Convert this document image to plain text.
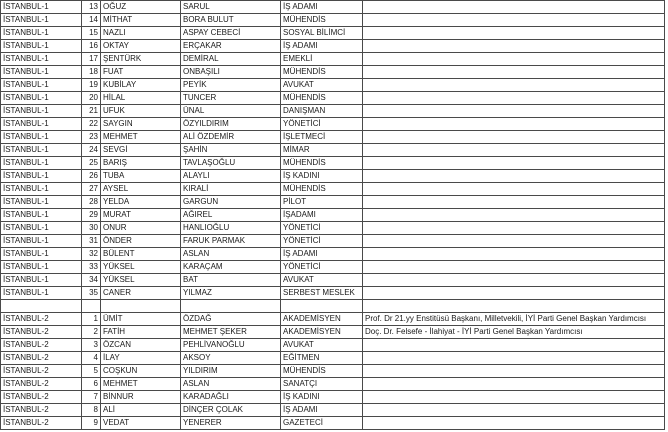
İSTANBUL-1	13	OĞUZ	SARUL	İŞ ADAMI	
İSTANBUL-1	14	MİTHAT	BORA BULUT	MÜHENDİS	
İSTANBUL-1	15	NAZLI	ASPAY CEBECİ	SOSYAL BİLİMCİ	
İSTANBUL-1	16	OKTAY	ERÇAKAR	İŞ ADAMI	
İSTANBUL-1	17	ŞENTÜRK	DEMİRAL	EMEKLİ	
İSTANBUL-1	18	FUAT	ONBAŞILI	MÜHENDİS	
İSTANBUL-1	19	KUBİLAY	PEYİK	AVUKAT	
İSTANBUL-1	20	HİLAL	TUNCER	MÜHENDİS	
İSTANBUL-1	21	UFUK	ÜNAL	DANIŞMAN	
İSTANBUL-1	22	SAYGIN	ÖZYILDIRIM	YÖNETİCİ	
İSTANBUL-1	23	MEHMET	ALİ ÖZDEMİR	İŞLETMECİ	
İSTANBUL-1	24	SEVGİ	ŞAHİN	MİMAR	
İSTANBUL-1	25	BARIŞ	TAVLAŞOĞLU	MÜHENDİS	
İSTANBUL-1	26	TUBA	ALAYLI	İŞ KADINI	
İSTANBUL-1	27	AYSEL	KIRALİ	MÜHENDİS	
İSTANBUL-1	28	YELDA	GARGUN	PİLOT	
İSTANBUL-1	29	MURAT	AĞIREL	İŞADAMI	
İSTANBUL-1	30	ONUR	HANLIOĞLU	YÖNETİCİ	
İSTANBUL-1	31	ÖNDER	FARUK PARMAK	YÖNETİCİ	
İSTANBUL-1	32	BÜLENT	ASLAN	İŞ ADAMI	
İSTANBUL-1	33	YÜKSEL	KARAÇAM	YÖNETİCİ	
İSTANBUL-1	34	YÜKSEL	BAT	AVUKAT	
İSTANBUL-1	35	CANER	YILMAZ	SERBEST MESLEK	

İSTANBUL-2	1	ÜMİT	ÖZDAĞ	AKADEMİSYEN	Prof. Dr 21.yy Enstitüsü Başkanı, Milletvekili, İYİ Parti Genel Başkan Yardımcısı
İSTANBUL-2	2	FATİH	MEHMET ŞEKER	AKADEMİSYEN	Doç. Dr. Felsefe - İlahiyat - İYİ Parti Genel Başkan Yardımcısı
İSTANBUL-2	3	ÖZCAN	PEHLİVANOĞLU	AVUKAT	
İSTANBUL-2	4	İLAY	AKSOY	EĞİTMEN	
İSTANBUL-2	5	COŞKUN	YILDIRIM	MÜHENDİS	
İSTANBUL-2	6	MEHMET	ASLAN	SANATÇI	
İSTANBUL-2	7	BİNNUR	KARADAĞLI	İŞ KADINI	
İSTANBUL-2	8	ALİ	DİNÇER ÇOLAK	İŞ ADAMI	
İSTANBUL-2	9	VEDAT	YENERER	GAZETECİ	
